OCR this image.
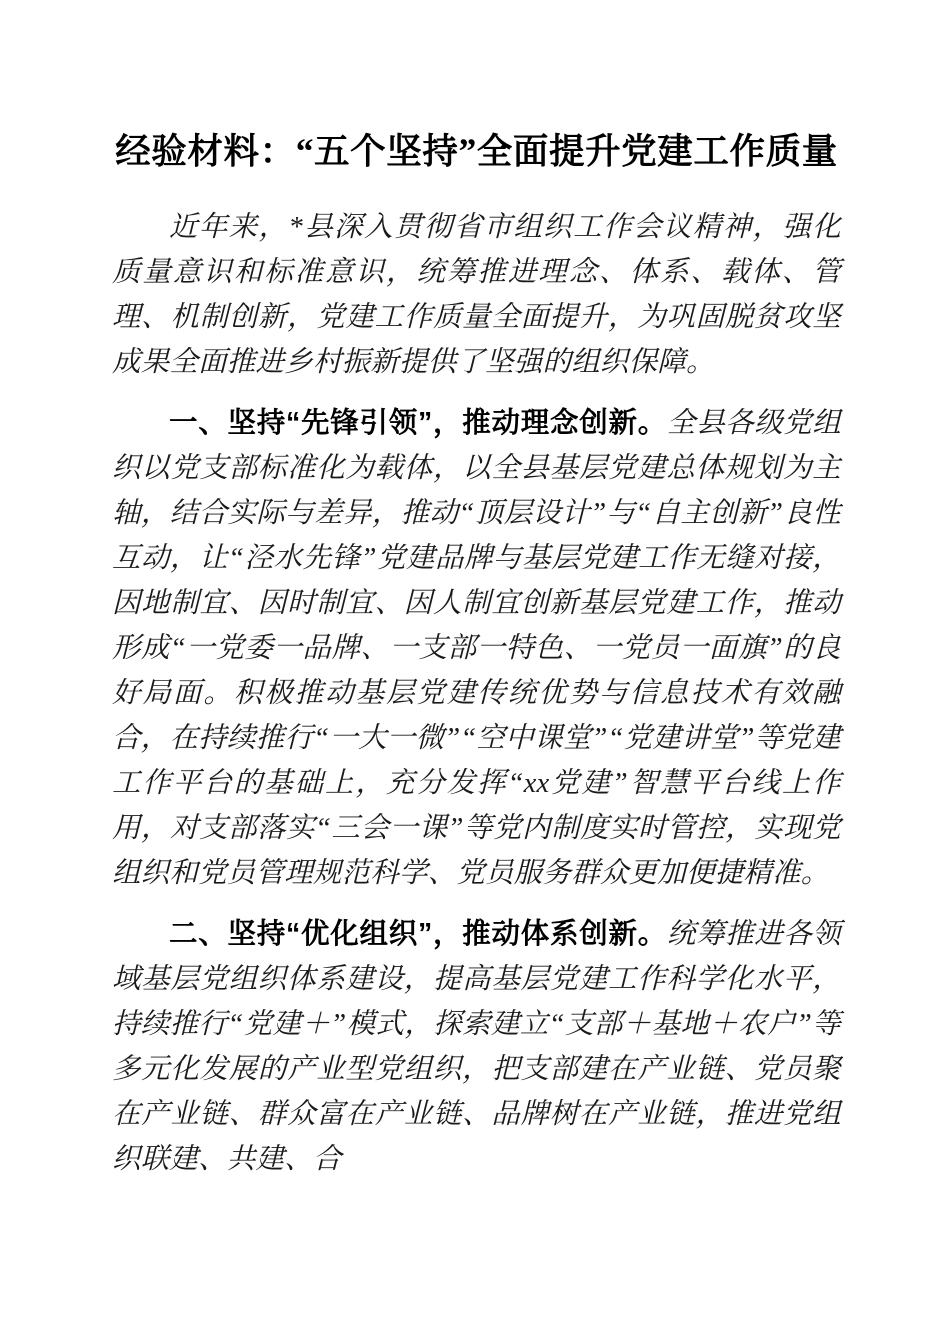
经验材料：“五个坚持”全面提升党建工作质量

近年来，*县深入贯彻省市组织工作会议精神，强化质量意识和标准意识，统筹推进理念、体系、载体、管理、机制创新，党建工作质量全面提升，为巩固脱贫攻坚成果全面推进乡村振新提供了坚强的组织保障。

一、坚持“先锋引领”，推动理念创新。全县各级党组织以党支部标准化为载体，以全县基层党建总体规划为主轴，结合实际与差异，推动“顶层设计”与“自主创新”良性互动，让“泾水先锋”党建品牌与基层党建工作无缝对接，因地制宜、因时制宜、因人制宜创新基层党建工作，推动形成“一党委一品牌、一支部一特色、一党员一面旗”的良好局面。积极推动基层党建传统优势与信息技术有效融合，在持续推行“一大一微”“空中课堂”“党建讲堂”等党建工作平台的基础上，充分发挥“xx党建”智慧平台线上作用，对支部落实“三会一课”等党内制度实时管控，实现党组织和党员管理规范科学、党员服务群众更加便捷精准。

二、坚持“优化组织”，推动体系创新。统筹推进各领域基层党组织体系建设，提高基层党建工作科学化水平，持续推行“党建＋”模式，探索建立“支部＋基地＋农户”等多元化发展的产业型党组织，把支部建在产业链、党员聚在产业链、群众富在产业链、品牌树在产业链，推进党组织联建、共建、合
